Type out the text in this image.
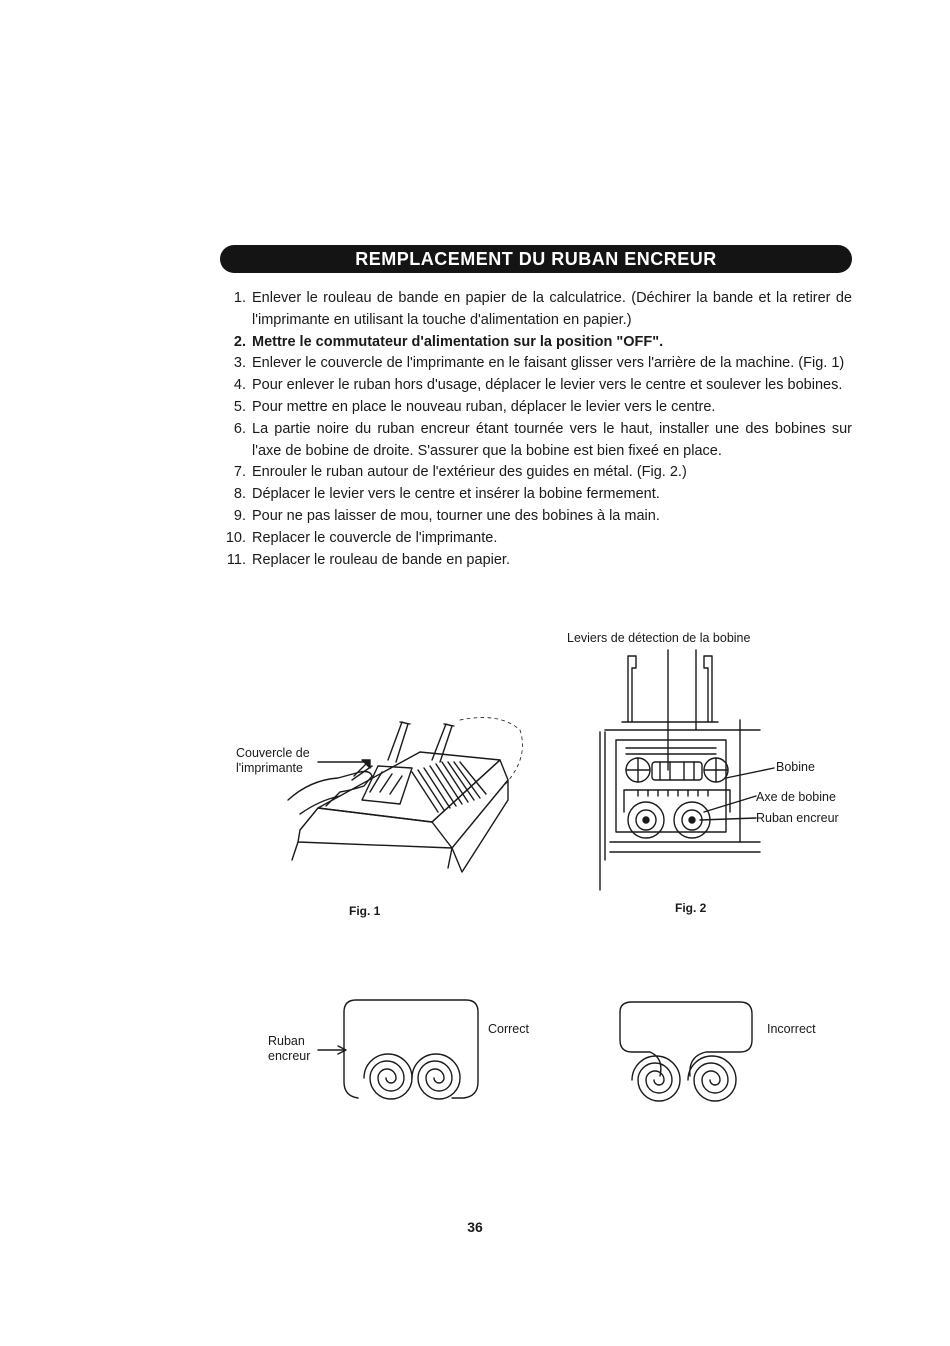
REMPLACEMENT DU RUBAN ENCREUR
1. Enlever le rouleau de bande en papier de la calculatrice. (Déchirer la bande et la retirer de l'imprimante en utilisant la touche d'alimentation en papier.)
2. Mettre le commutateur d'alimentation sur la position "OFF".
3. Enlever le couvercle de l'imprimante en le faisant glisser vers l'arrière de la machine. (Fig. 1)
4. Pour enlever le ruban hors d'usage, déplacer le levier vers le centre et soulever les bobines.
5. Pour mettre en place le nouveau ruban, déplacer le levier vers le centre.
6. La partie noire du ruban encreur étant tournée vers le haut, installer une des bobines sur l'axe de bobine de droite. S'assurer que la bobine est bien fixeé en place.
7. Enrouler le ruban autour de l'extérieur des guides en métal. (Fig. 2.)
8. Déplacer le levier vers le centre et insérer la bobine fermement.
9. Pour ne pas laisser de mou, tourner une des bobines à la main.
10. Replacer le couvercle de l'imprimante.
11. Replacer le rouleau de bande en papier.
Couvercle de
l'imprimante
Fig. 1
Leviers de détection de la bobine
Bobine
Axe de bobine
Ruban encreur
Fig. 2
Ruban
encreur
Correct	Incorrect
36
